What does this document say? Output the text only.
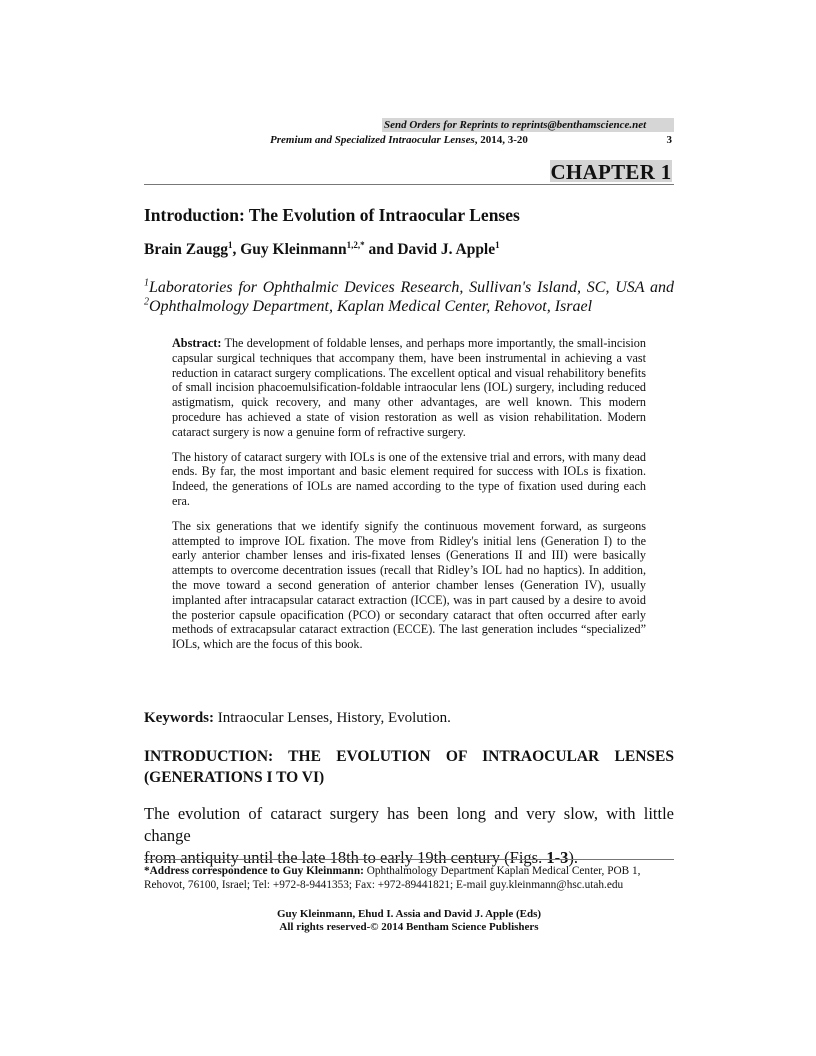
Send Orders for Reprints to reprints@benthamscience.net
Premium and Specialized Intraocular Lenses, 2014, 3-20	3
CHAPTER 1
Introduction: The Evolution of Intraocular Lenses
Brain Zaugg$^1$, Guy Kleinmann$^{1,2,*}$ and David J. Apple$^1$
$^1$Laboratories for Ophthalmic Devices Research, Sullivan's Island, SC, USA and
$^2$Ophthalmology Department, Kaplan Medical Center, Rehovot, Israel

Abstract: The development of foldable lenses, and perhaps more importantly, the small-incision capsular surgical techniques that accompany them, have been instrumental in achieving a vast reduction in cataract surgery complications. The excellent optical and visual rehabilitory benefits of small incision phacoemulsification-foldable intraocular lens (IOL) surgery, including reduced astigmatism, quick recovery, and many other advantages, are well known. This modern procedure has achieved a state of vision restoration as well as vision rehabilitation. Modern cataract surgery is now a genuine form of refractive surgery.

The history of cataract surgery with IOLs is one of the extensive trial and errors, with many dead ends. By far, the most important and basic element required for success with IOLs is fixation. Indeed, the generations of IOLs are named according to the type of fixation used during each era.

The six generations that we identify signify the continuous movement forward, as surgeons attempted to improve IOL fixation. The move from Ridley's initial lens (Generation I) to the early anterior chamber lenses and iris-fixated lenses (Generations II and III) were basically attempts to overcome decentration issues (recall that Ridley’s IOL had no haptics). In addition, the move toward a second generation of anterior chamber lenses (Generation IV), usually implanted after intracapsular cataract extraction (ICCE), was in part caused by a desire to avoid the posterior capsule opacification (PCO) or secondary cataract that often occurred after early methods of extracapsular cataract extraction (ECCE). The last generation includes “specialized” IOLs, which are the focus of this book.

Keywords: Intraocular Lenses, History, Evolution.
INTRODUCTION: THE EVOLUTION OF INTRAOCULAR LENSES
(GENERATIONS I TO VI)
The evolution of cataract surgery has been long and very slow, with little change
from antiquity until the late 18th to early 19th century (Figs. 1-3).
*Address correspondence to Guy Kleinmann: Ophthalmology Department Kaplan Medical Center, POB 1, Rehovot, 76100, Israel; Tel: +972-8-9441353; Fax: +972-89441821; E-mail guy.kleinmann@hsc.utah.edu
Guy Kleinmann, Ehud I. Assia and David J. Apple (Eds)
All rights reserved-© 2014 Bentham Science Publishers
